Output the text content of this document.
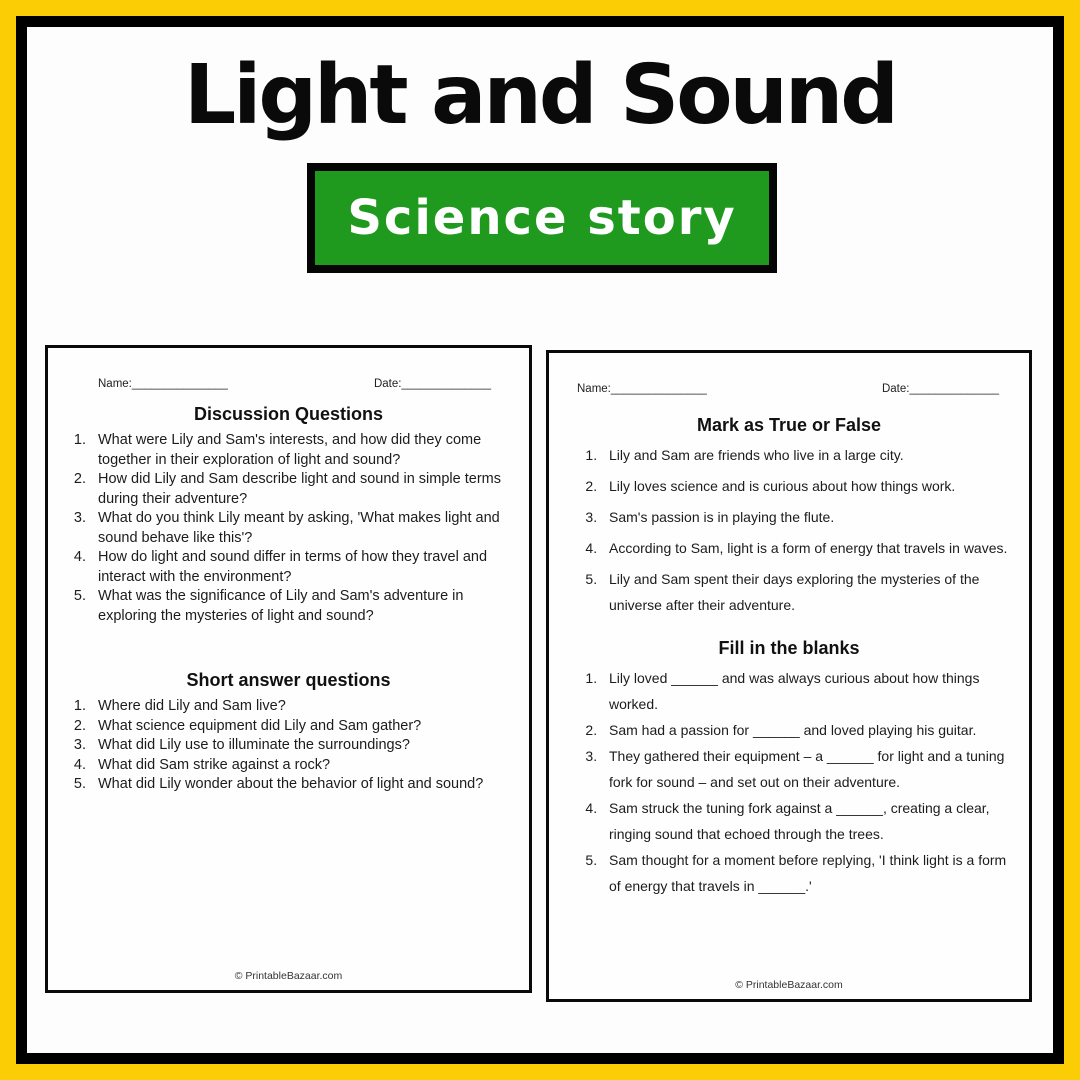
Light and Sound
Science story
Name:_______________	Date:______________
Discussion Questions
1. What were Lily and Sam's interests, and how did they come together in their exploration of light and sound?
2. How did Lily and Sam describe light and sound in simple terms during their adventure?
3. What do you think Lily meant by asking, 'What makes light and sound behave like this'?
4. How do light and sound differ in terms of how they travel and interact with the environment?
5. What was the significance of Lily and Sam's adventure in exploring the mysteries of light and sound?
Short answer questions
1. Where did Lily and Sam live?
2. What science equipment did Lily and Sam gather?
3. What did Lily use to illuminate the surroundings?
4. What did Sam strike against a rock?
5. What did Lily wonder about the behavior of light and sound?
© PrintableBazaar.com
Name:_______________	Date:______________
Mark as True or False
1. Lily and Sam are friends who live in a large city.
2. Lily loves science and is curious about how things work.
3. Sam's passion is in playing the flute.
4. According to Sam, light is a form of energy that travels in waves.
5. Lily and Sam spent their days exploring the mysteries of the universe after their adventure.
Fill in the blanks
1. Lily loved ______ and was always curious about how things worked.
2. Sam had a passion for ______ and loved playing his guitar.
3. They gathered their equipment – a ______ for light and a tuning fork for sound – and set out on their adventure.
4. Sam struck the tuning fork against a ______, creating a clear, ringing sound that echoed through the trees.
5. Sam thought for a moment before replying, 'I think light is a form of energy that travels in ______.'
© PrintableBazaar.com
